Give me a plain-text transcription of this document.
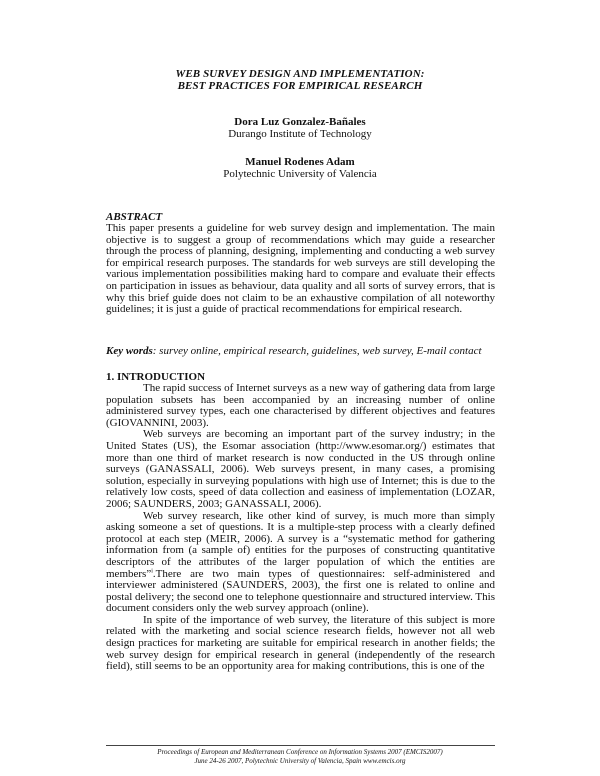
WEB SURVEY DESIGN AND IMPLEMENTATION:
BEST PRACTICES FOR EMPIRICAL RESEARCH
Dora Luz Gonzalez-Bañales
Durango Institute of Technology
Manuel Rodenes Adam
Polytechnic University of Valencia
ABSTRACT

This paper presents a guideline for web survey design and implementation. The main objective is to suggest a group of recommendations which may guide a researcher through the process of planning, designing, implementing and conducting a web survey for empirical research purposes. The standards for web surveys are still developing the various implementation possibilities making hard to compare and evaluate their effects on participation in issues as behaviour, data quality and all sorts of survey errors, that is why this brief guide does not claim to be an exhaustive compilation of all noteworthy guidelines; it is just a guide of practical recommendations for empirical research.

Key words: survey online, empirical research, guidelines, web survey, E-mail contact

1. INTRODUCTION

The rapid success of Internet surveys as a new way of gathering data from large population subsets has been accompanied by an increasing number of online administered survey types, each one characterised by different objectives and features (GIOVANNINI, 2003).

Web surveys are becoming an important part of the survey industry; in the United States (US), the Esomar association (http://www.esomar.org/) estimates that more than one third of market research is now conducted in the US through online surveys (GANASSALI, 2006). Web surveys present, in many cases, a promising solution, especially in surveying populations with high use of Internet; this is due to the relatively low costs, speed of data collection and easiness of implementation (LOZAR, 2006; SAUNDERS, 2003; GANASSALI, 2006).

Web survey research, like other kind of survey, is much more than simply asking someone a set of questions. It is a multiple-step process with a clearly defined protocol at each step (MEIR, 2006). A survey is a “systematic method for gathering information from (a sample of) entities for the purposes of constructing quantitative descriptors of the attributes of the larger population of which the entities are members”$^i$.There are two main types of questionnaires: self-administered and interviewer administered (SAUNDERS, 2003), the first one is related to online and postal delivery; the second one to telephone questionnaire and structured interview. This document considers only the web survey approach (online).

In spite of the importance of web survey, the literature of this subject is more related with the marketing and social science research fields, however not all web design practices for marketing are suitable for empirical research in another fields; the web survey design for empirical research in general (independently of the research field), still seems to be an opportunity area for making contributions, this is one of the

Proceedings of European and Mediterranean Conference on Information Systems 2007 (EMCIS2007)
June 24-26 2007, Polytechnic University of Valencia, Spain www.emcis.org
